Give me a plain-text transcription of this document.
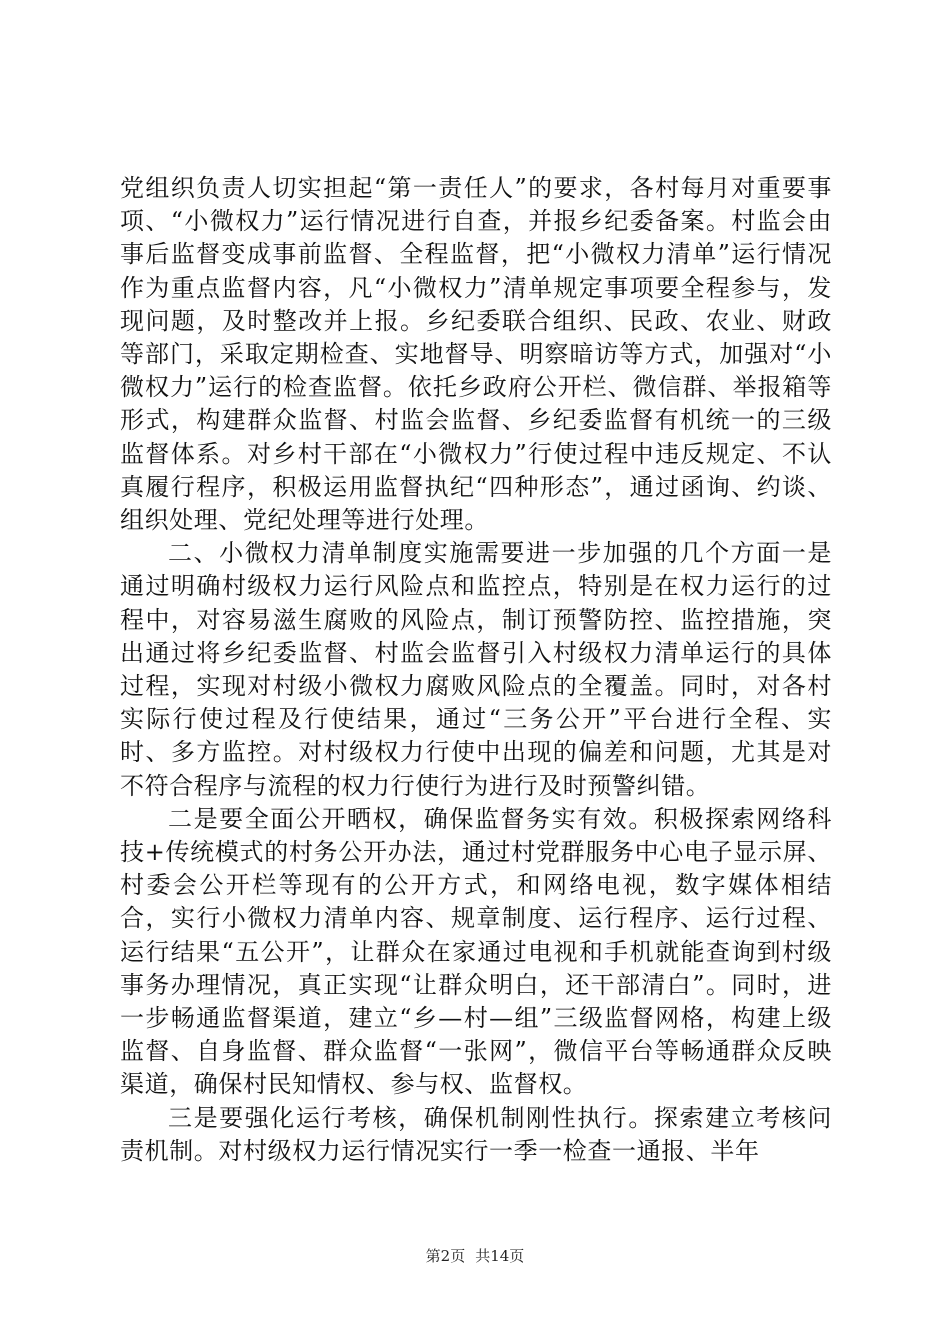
党组织负责人切实担起“第一责任人”的要求，各村每月对重要事项、“小微权力”运行情况进行自查，并报乡纪委备案。村监会由事后监督变成事前监督、全程监督，把“小微权力清单”运行情况作为重点监督内容，凡“小微权力”清单规定事项要全程参与，发现问题，及时整改并上报。乡纪委联合组织、民政、农业、财政等部门，采取定期检查、实地督导、明察暗访等方式，加强对“小微权力”运行的检查监督。依托乡政府公开栏、微信群、举报箱等形式，构建群众监督、村监会监督、乡纪委监督有机统一的三级监督体系。对乡村干部在“小微权力”行使过程中违反规定、不认真履行程序，积极运用监督执纪“四种形态”，通过函询、约谈、组织处理、党纪处理等进行处理。

二、小微权力清单制度实施需要进一步加强的几个方面一是通过明确村级权力运行风险点和监控点，特别是在权力运行的过程中，对容易滋生腐败的风险点，制订预警防控、监控措施，突出通过将乡纪委监督、村监会监督引入村级权力清单运行的具体过程，实现对村级小微权力腐败风险点的全覆盖。同时，对各村实际行使过程及行使结果，通过“三务公开”平台进行全程、实时、多方监控。对村级权力行使中出现的偏差和问题，尤其是对不符合程序与流程的权力行使行为进行及时预警纠错。

二是要全面公开晒权，确保监督务实有效。积极探索网络科技+传统模式的村务公开办法，通过村党群服务中心电子显示屏、村委会公开栏等现有的公开方式，和网络电视，数字媒体相结合，实行小微权力清单内容、规章制度、运行程序、运行过程、运行结果“五公开”，让群众在家通过电视和手机就能查询到村级事务办理情况，真正实现“让群众明白，还干部清白”。同时，进一步畅通监督渠道，建立“乡—村—组”三级监督网格，构建上级监督、自身监督、群众监督“一张网”，微信平台等畅通群众反映渠道，确保村民知情权、参与权、监督权。

三是要强化运行考核，确保机制刚性执行。探索建立考核问责机制。对村级权力运行情况实行一季一检查一通报、半年

第2页 共14页
